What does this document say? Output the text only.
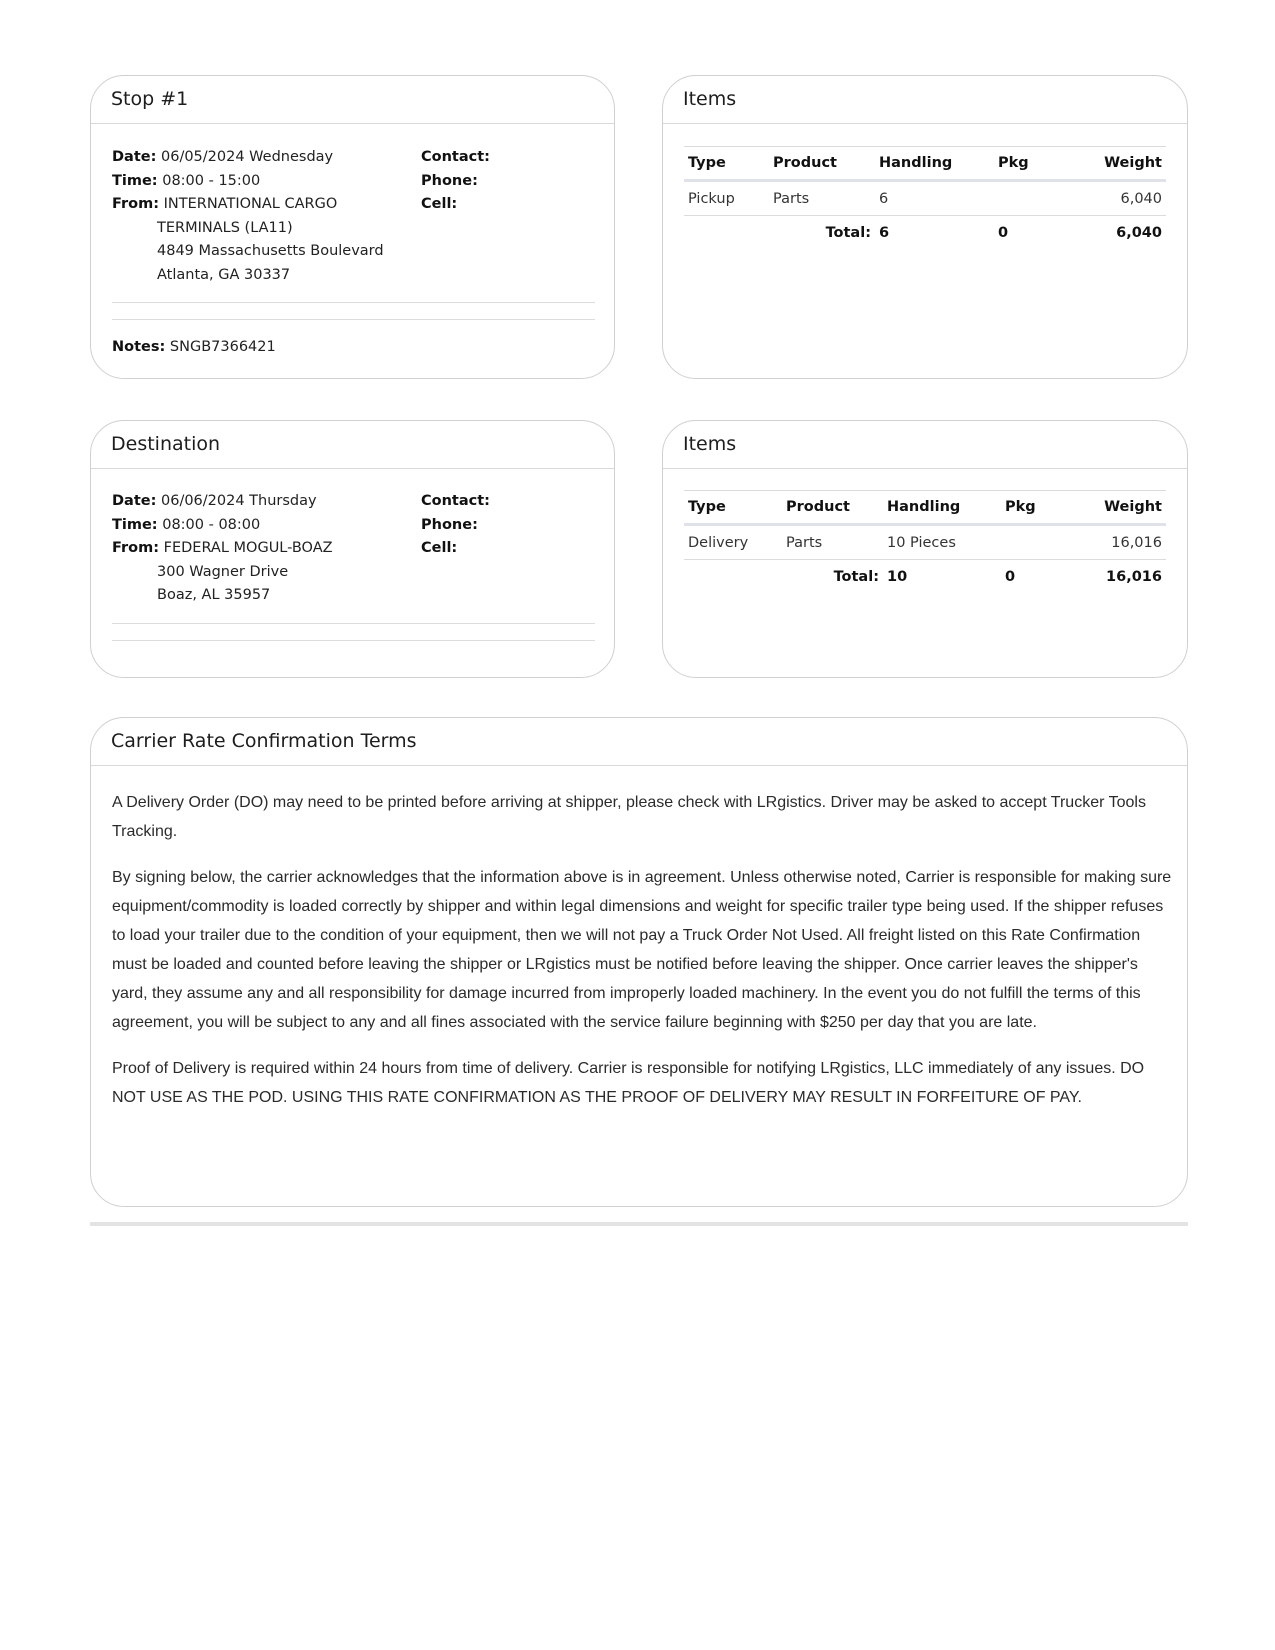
Stop #1
Date: 06/05/2024 Wednesday
Time: 08:00 - 15:00
From: INTERNATIONAL CARGO
TERMINALS (LA11)
4849 Massachusetts Boulevard
Atlanta, GA 30337
Contact:
Phone:
Cell:
Notes: SNGB7366421
Items
Type	Product	Handling	Pkg	Weight
Pickup	Parts	6		6,040
	Total:	6	0	6,040
Destination
Date: 06/06/2024 Thursday
Time: 08:00 - 08:00
From: FEDERAL MOGUL-BOAZ
300 Wagner Drive
Boaz, AL 35957
Contact:
Phone:
Cell:
Items
Type	Product	Handling	Pkg	Weight
Delivery	Parts	10 Pieces		16,016
	Total:	10	0	16,016
Carrier Rate Confirmation Terms

A Delivery Order (DO) may need to be printed before arriving at shipper, please check with LRgistics. Driver may be asked to accept Trucker Tools Tracking.

By signing below, the carrier acknowledges that the information above is in agreement. Unless otherwise noted, Carrier is responsible for making sure equipment/commodity is loaded correctly by shipper and within legal dimensions and weight for specific trailer type being used. If the shipper refuses to load your trailer due to the condition of your equipment, then we will not pay a Truck Order Not Used. All freight listed on this Rate Confirmation must be loaded and counted before leaving the shipper or LRgistics must be notified before leaving the shipper. Once carrier leaves the shipper's yard, they assume any and all responsibility for damage incurred from improperly loaded machinery. In the event you do not fulfill the terms of this agreement, you will be subject to any and all fines associated with the service failure beginning with $250 per day that you are late.

Proof of Delivery is required within 24 hours from time of delivery. Carrier is responsible for notifying LRgistics, LLC immediately of any issues. DO NOT USE AS THE POD. USING THIS RATE CONFIRMATION AS THE PROOF OF DELIVERY MAY RESULT IN FORFEITURE OF PAY.
